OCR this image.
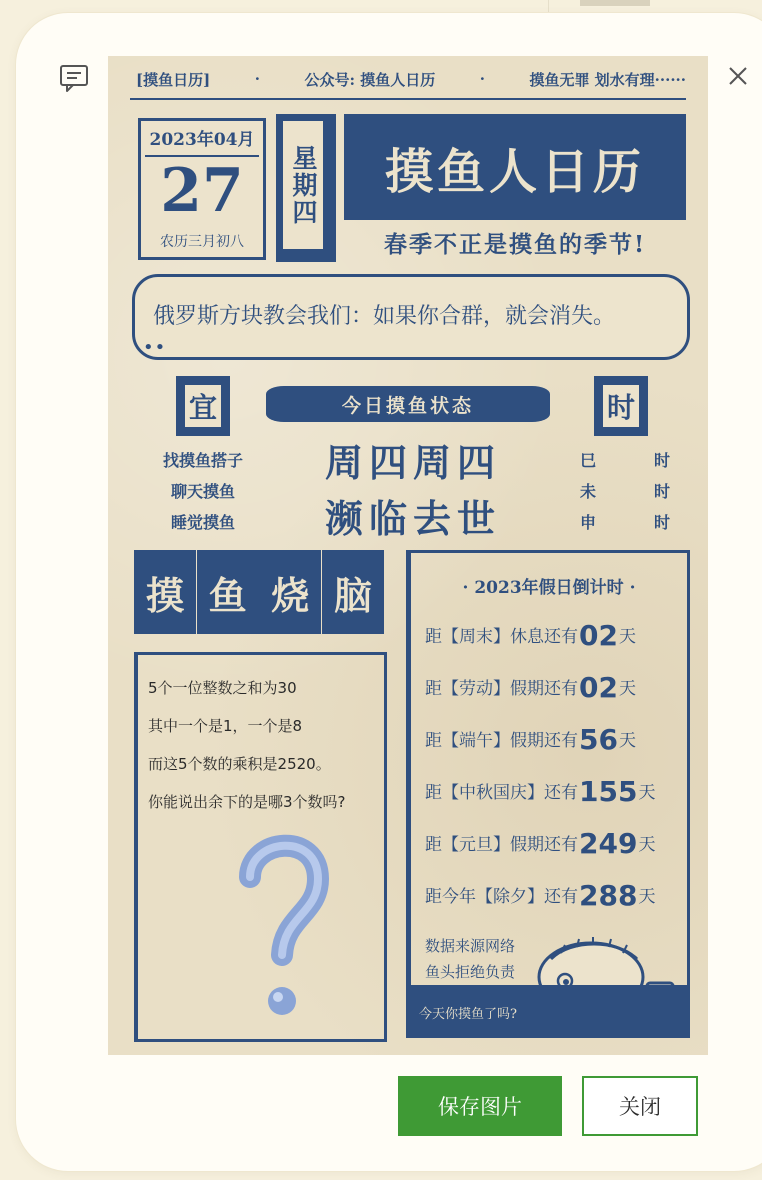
[摸鱼日历]	·	公众号: 摸鱼人日历	·	摸鱼无罪 划水有理······
2023年04月
27
农历三月初八
星期四	摸鱼人日历
春季不正是摸鱼的季节!
俄罗斯方块教会我们：如果你合群，就会消失。
••
宜	今日摸鱼状态	时
找摸鱼搭子
聊天摸鱼
睡觉摸鱼
周四周四
濒临去世
巳	时
未	时
申	时
摸 鱼 烧 脑
5个一位整数之和为30
其中一个是1，一个是8
而这5个数的乘积是2520。
你能说出余下的是哪3个数吗?
· 2023年假日倒计时 ·
距【周末】休息还有02天
距【劳动】假期还有02天
距【端午】假期还有56天
距【中秋国庆】还有155天
距【元旦】假期还有249天
距今年【除夕】还有288天
数据来源网络
鱼头拒绝负责
今天你摸鱼了吗?
保存图片	关闭
